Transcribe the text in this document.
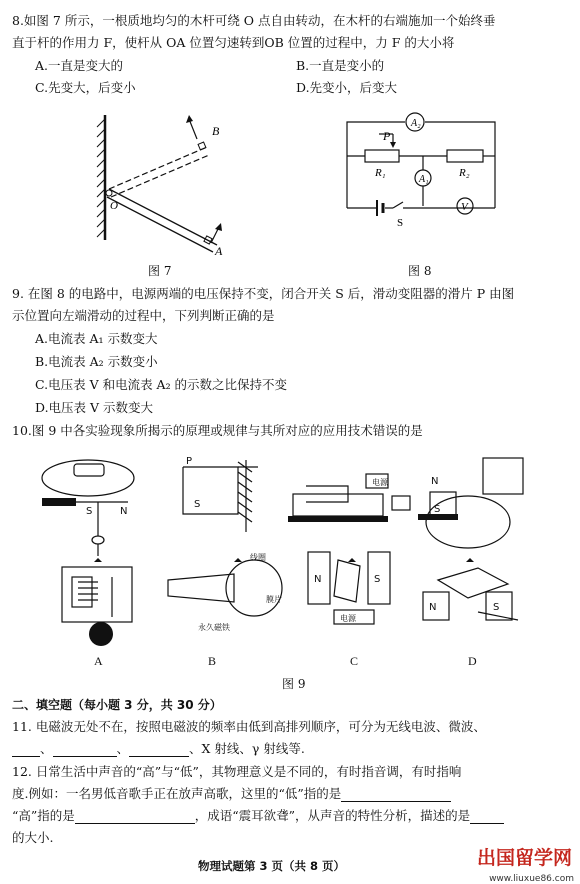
8.如图 7 所示，一根质地均匀的木杆可绕 O 点自由转动，在木杆的右端施加一个始终垂
直于杆的作用力 F，使杆从 OA 位置匀速转到OB 位置的过程中，力 F 的大小将
A.一直是变大的	B.一直是变小的
C.先变大，后变小	D.先变小，后变大
B
A
O
图 7
A₂
P
R₁	R₂
A₁
V
S
图 8
9. 在图 8 的电路中，电源两端的电压保持不变，闭合开关 S 后，滑动变阻器的滑片 P 由图
示位置向左端滑动的过程中，下列判断正确的是
A.电流表 A₁ 示数变大
B.电流表 A₂ 示数变小
C.电压表 V 和电流表 A₂ 的示数之比保持不变
D.电压表 V 示数变大
10.图 9 中各实验现象所揭示的原理或规律与其所对应的应用技术错误的是
S	N
P
S
线圈
永久磁铁
膜片
电源
电源
N	S
N
S
N	S
A	B	C	D
图 9
二、填空题（每小题 3 分，共 30 分）
11. 电磁波无处不在，按照电磁波的频率由低到高排列顺序，可分为无线电波、微波、
、	、	、X 射线、γ 射线等.
12. 日常生活中声音的“高”与“低”，其物理意义是不同的，有时指音调，有时指响
度.例如：一名男低音歌手正在放声高歌，这里的“低”指的是
“高”指的是	，成语“震耳欲聋”，从声音的特性分析，描述的是
的大小.
物理试题第 3 页（共 8 页）	出国留学网
www.liuxue86.com
